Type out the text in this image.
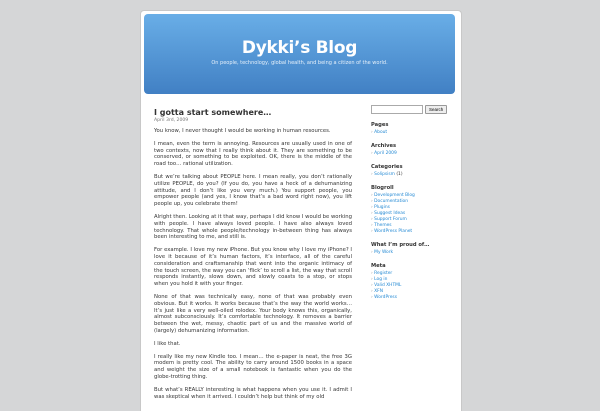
Dykki’s Blog
On people, technology, global health, and being a citizen of the world.
I gotta start somewhere…
April 3rd, 2009

You know, I never thought I would be working in human resources.

I mean, even the term is annoying. Resources are usually used in one of two contexts, now that I really think about it. They are something to be conserved, or something to be exploited. OK, there is the middle of the road too… rational utilization.

But we’re talking about PEOPLE here. I mean really, you don’t rationally utilize PEOPLE, do you? (If you do, you have a heck of a dehumanizing attitude, and I don’t like you very much.) You support people, you empower people (and yes, I know that’s a bad word right now), you lift people up, you celebrate them!

Alright then. Looking at it that way, perhaps I did know I would be working with people. I have always loved people. I have also always loved technology. That whole people/technology in-between thing has always been interesting to me, and still is.

For example. I love my new iPhone. But you know why I love my iPhone? I love it because of it’s human factors, it’s interface, all of the careful consideration and craftsmanship that went into the organic intimacy of the touch screen, the way you can ‘flick’ to scroll a list, the way that scroll responds instantly, slows down, and slowly coasts to a stop, or stops when you hold it with your finger.

None of that was technically easy, none of that was probably even obvious. But it works. It works because that’s the way the world works… It’s just like a very well-oiled rolodex. Your body knows this, organically, almost subconsciously. It’s comfortable technology. It removes a barrier between the wet, messy, chaotic part of us and the massive world of (largely) dehumanizing information.

I like that.

I really like my new Kindle too. I mean… the e-paper is neat, the free 3G modem is pretty cool. The ability to carry around 1500 books in a space and weight the size of a small notebook is fantastic when you do the globe-trotting thing.

But what’s REALLY interesting is what happens when you use it. I admit I was skeptical when it arrived. I couldn’t help but think of my old

Search
Pages
› About
Archives
› April 2009
Categories
› Solipsism (1)
Blogroll
› Development Blog
› Documentation
› Plugins
› Suggest Ideas
› Support Forum
› Themes
› WordPress Planet
What I’m proud of…
› My Work
Meta
› Register
› Log in
› Valid XHTML
› XFN
› WordPress
